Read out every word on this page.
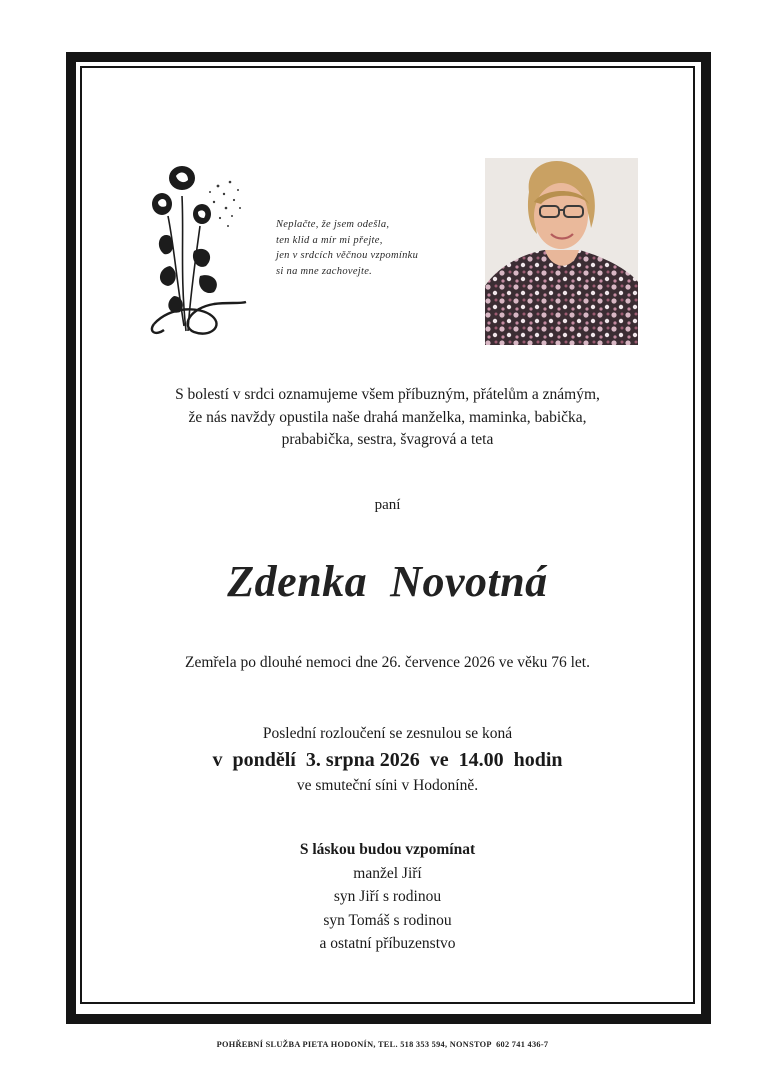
Neplačte, že jsem odešla,
ten klid a mír mi přejte,
jen v srdcích věčnou vzpomínku
si na mne zachovejte.
S bolestí v srdci oznamujeme všem příbuzným, přátelům a známým,
že nás navždy opustila naše drahá manželka, maminka, babička,
prababička, sestra, švagrová a teta
paní
Zdenka  Novotná
Zemřela po dlouhé nemoci dne 26. července 2026 ve věku 76 let.
Poslední rozloučení se zesnulou se koná
v  pondělí  3. srpna 2026  ve  14.00  hodin
ve smuteční síni v Hodoníně.
S láskou budou vzpomínat
manžel Jiří
syn Jiří s rodinou
syn Tomáš s rodinou
a ostatní příbuzenstvo
POHŘEBNÍ SLUŽBA PIETA HODONÍN, TEL. 518 353 594, NONSTOP  602 741 436-7
